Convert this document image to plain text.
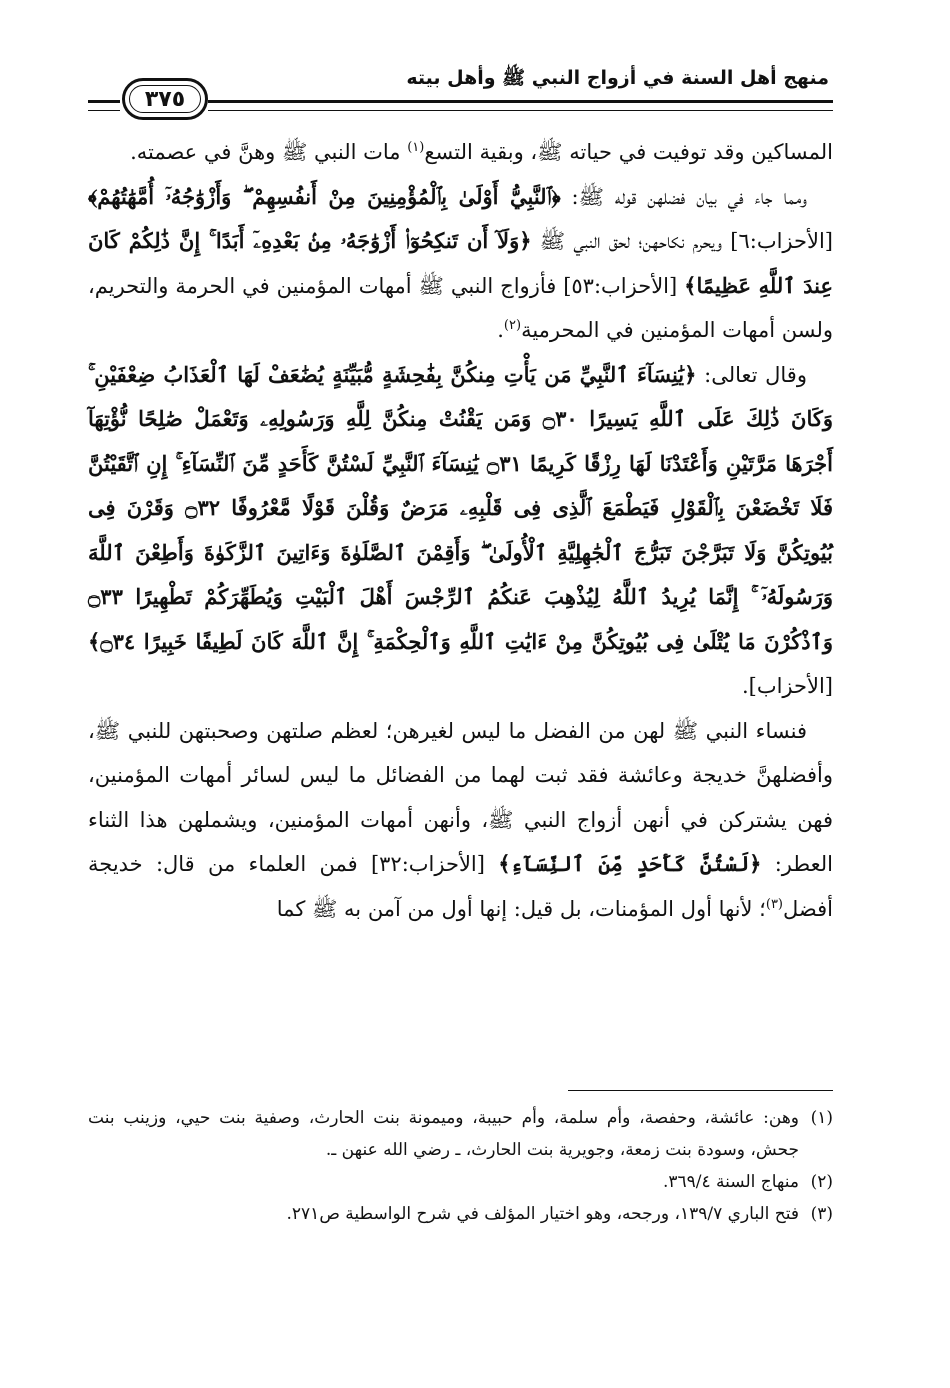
منهج أهل السنة في أزواج النبي ﷺ وأهل بيته
٣٧٥

المساكين وقد توفيت في حياته ﷺ، وبقية التسع$^{(١)}$ مات النبي ﷺ وهنَّ في عصمته.

ومما جاء في بيان فضلهن قوله ﷺ: ﴿ٱلنَّبِيُّ أَوْلَىٰ بِٱلْمُؤْمِنِينَ مِنْ أَنفُسِهِمْ ۖ وَأَزْوَٰجُهُۥٓ أُمَّهَٰتُهُمْ﴾ [الأحزاب:٦] ويحرم نكاحهن؛ لحق النبي ﷺ ﴿وَلَآ أَن تَنكِحُوٓا۟ أَزْوَٰجَهُۥ مِنۢ بَعْدِهِۦٓ أَبَدًا ۚ إِنَّ ذَٰلِكُمْ كَانَ عِندَ ٱللَّهِ عَظِيمًا﴾ [الأحزاب:٥٣] فأزواج النبي ﷺ أمهات المؤمنين في الحرمة والتحريم، ولسن أمهات المؤمنين في المحرمية$^{(٢)}$.

وقال تعالى: ﴿يَٰنِسَآءَ ٱلنَّبِيِّ مَن يَأْتِ مِنكُنَّ بِفَٰحِشَةٍ مُّبَيِّنَةٍ يُضَٰعَفْ لَهَا ٱلْعَذَابُ ضِعْفَيْنِ ۚ وَكَانَ ذَٰلِكَ عَلَى ٱللَّهِ يَسِيرًا ۝٣٠ وَمَن يَقْنُتْ مِنكُنَّ لِلَّهِ وَرَسُولِهِۦ وَتَعْمَلْ صَٰلِحًا نُّؤْتِهَآ أَجْرَهَا مَرَّتَيْنِ وَأَعْتَدْنَا لَهَا رِزْقًا كَرِيمًا ۝٣١ يَٰنِسَآءَ ٱلنَّبِيِّ لَسْتُنَّ كَأَحَدٍ مِّنَ ٱلنِّسَآءِ ۚ إِنِ ٱتَّقَيْتُنَّ فَلَا تَخْضَعْنَ بِٱلْقَوْلِ فَيَطْمَعَ ٱلَّذِى فِى قَلْبِهِۦ مَرَضٌ وَقُلْنَ قَوْلًا مَّعْرُوفًا ۝٣٢ وَقَرْنَ فِى بُيُوتِكُنَّ وَلَا تَبَرَّجْنَ تَبَرُّجَ ٱلْجَٰهِلِيَّةِ ٱلْأُولَىٰ ۖ وَأَقِمْنَ ٱلصَّلَوٰةَ وَءَاتِينَ ٱلزَّكَوٰةَ وَأَطِعْنَ ٱللَّهَ وَرَسُولَهُۥٓ ۚ إِنَّمَا يُرِيدُ ٱللَّهُ لِيُذْهِبَ عَنكُمُ ٱلرِّجْسَ أَهْلَ ٱلْبَيْتِ وَيُطَهِّرَكُمْ تَطْهِيرًا ۝٣٣ وَٱذْكُرْنَ مَا يُتْلَىٰ فِى بُيُوتِكُنَّ مِنْ ءَايَٰتِ ٱللَّهِ وَٱلْحِكْمَةِ ۚ إِنَّ ٱللَّهَ كَانَ لَطِيفًا خَبِيرًا ۝٣٤﴾ [الأحزاب].

فنساء النبي ﷺ لهن من الفضل ما ليس لغيرهن؛ لعظم صلتهن وصحبتهن للنبي ﷺ، وأفضلهنَّ خديجة وعائشة فقد ثبت لهما من الفضائل ما ليس لسائر أمهات المؤمنين، فهن يشتركن في أنهن أزواج النبي ﷺ، وأنهن أمهات المؤمنين، ويشملهن هذا الثناء العطر: ﴿لَسْتُنَّ كَأَحَدٍ مِّنَ ٱلنِّسَآءِ﴾ [الأحزاب:٣٢] فمن العلماء من قال: خديجة أفضل$^{(٣)}$؛ لأنها أول المؤمنات، بل قيل: إنها أول من آمن به ﷺ كما

(١)
وهن: عائشة، وحفصة، وأم سلمة، وأم حبيبة، وميمونة بنت الحارث، وصفية بنت حيي، وزينب بنت جحش، وسودة بنت زمعة، وجويرية بنت الحارث، ـ رضي الله عنهن ـ.
(٢)
منهاج السنة ٣٦٩/٤.
(٣)
فتح الباري ١٣٩/٧، ورجحه، وهو اختيار المؤلف في شرح الواسطية ص٢٧١.
